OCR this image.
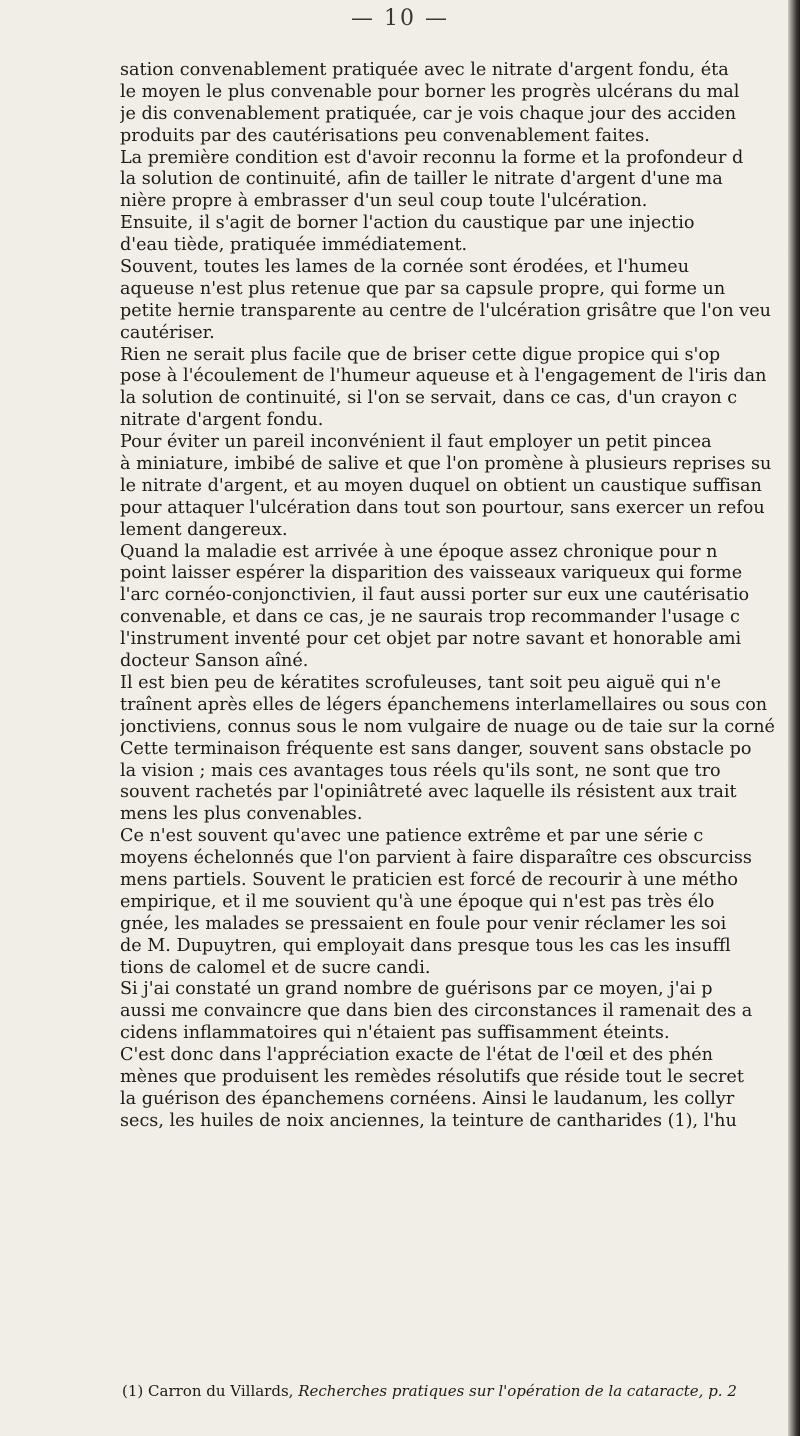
— 10 —
sation convenablement pratiquée avec le nitrate d'argent fondu, éta
le moyen le plus convenable pour borner les progrès ulcérans du mal
je dis convenablement pratiquée, car je vois chaque jour des acciden
produits par des cautérisations peu convenablement faites.
La première condition est d'avoir reconnu la forme et la profondeur d
la solution de continuité, afin de tailler le nitrate d'argent d'une ma
nière propre à embrasser d'un seul coup toute l'ulcération.
Ensuite, il s'agit de borner l'action du caustique par une injectio
d'eau tiède, pratiquée immédiatement.
Souvent, toutes les lames de la cornée sont érodées, et l'humeu
aqueuse n'est plus retenue que par sa capsule propre, qui forme un
petite hernie transparente au centre de l'ulcération grisâtre que l'on veu
cautériser.
Rien ne serait plus facile que de briser cette digue propice qui s'op
pose à l'écoulement de l'humeur aqueuse et à l'engagement de l'iris dan
la solution de continuité, si l'on se servait, dans ce cas, d'un crayon c
nitrate d'argent fondu.
Pour éviter un pareil inconvénient il faut employer un petit pincea
à miniature, imbibé de salive et que l'on promène à plusieurs reprises su
le nitrate d'argent, et au moyen duquel on obtient un caustique suffisan
pour attaquer l'ulcération dans tout son pourtour, sans exercer un refou
lement dangereux.
Quand la maladie est arrivée à une époque assez chronique pour n
point laisser espérer la disparition des vaisseaux variqueux qui forme
l'arc cornéo-conjonctivien, il faut aussi porter sur eux une cautérisatio
convenable, et dans ce cas, je ne saurais trop recommander l'usage c
l'instrument inventé pour cet objet par notre savant et honorable ami
docteur Sanson aîné.
Il est bien peu de kératites scrofuleuses, tant soit peu aiguë qui n'e
traînent après elles de légers épanchemens interlamellaires ou sous con
jonctiviens, connus sous le nom vulgaire de nuage ou de taie sur la corné
Cette terminaison fréquente est sans danger, souvent sans obstacle po
la vision ; mais ces avantages tous réels qu'ils sont, ne sont que tro
souvent rachetés par l'opiniâtreté avec laquelle ils résistent aux trait
mens les plus convenables.
Ce n'est souvent qu'avec une patience extrême et par une série c
moyens échelonnés que l'on parvient à faire disparaître ces obscurciss
mens partiels. Souvent le praticien est forcé de recourir à une métho
empirique, et il me souvient qu'à une époque qui n'est pas très élo
gnée, les malades se pressaient en foule pour venir réclamer les soi
de M. Dupuytren, qui employait dans presque tous les cas les insuffl
tions de calomel et de sucre candi.
Si j'ai constaté un grand nombre de guérisons par ce moyen, j'ai p
aussi me convaincre que dans bien des circonstances il ramenait des a
cidens inflammatoires qui n'étaient pas suffisamment éteints.
C'est donc dans l'appréciation exacte de l'état de l'œil et des phén
mènes que produisent les remèdes résolutifs que réside tout le secret
la guérison des épanchemens cornéens. Ainsi le laudanum, les collyr
secs, les huiles de noix anciennes, la teinture de cantharides (1), l'hu
(1) Carron du Villards, Recherches pratiques sur l'opération de la cataracte, p. 2
